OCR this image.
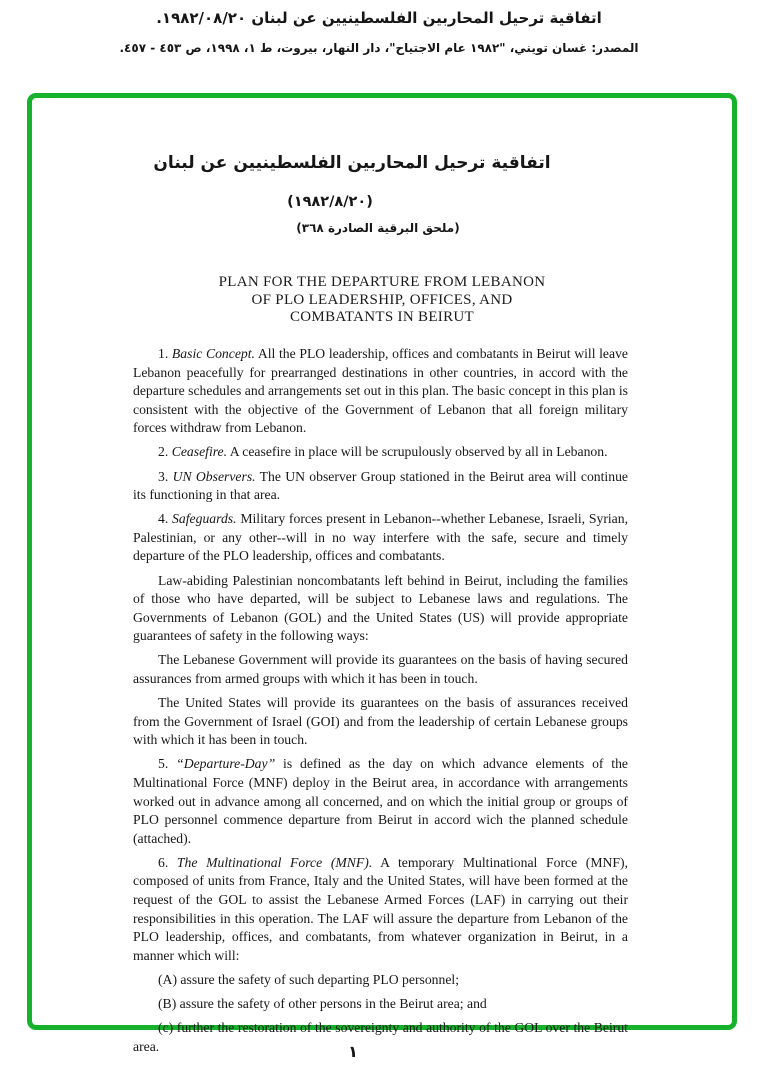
اتفاقية ترحيل المحاربين الفلسطينيين عن لبنان ١٩٨٢/٠٨/٢٠.
المصدر: غسان تويني، "١٩٨٢ عام الاجتياح"، دار النهار، بيروت، ط ١، ١٩٩٨، ص ٤٥٣ - ٤٥٧.
اتفاقية ترحيل المحاربين الفلسطينيين عن لبنان
(١٩٨٢/٨/٢٠)
(ملحق البرقية الصادرة ٣٦٨)
PLAN FOR THE DEPARTURE FROM LEBANON
OF PLO LEADERSHIP, OFFICES, AND
COMBATANTS IN BEIRUT

1. Basic Concept. All the PLO leadership, offices and combatants in Beirut will leave Lebanon peacefully for prearranged destinations in other countries, in accord with the departure schedules and arrangements set out in this plan. The basic concept in this plan is consistent with the objective of the Government of Lebanon that all foreign military forces withdraw from Lebanon.

2. Ceasefire. A ceasefire in place will be scrupulously observed by all in Lebanon.

3. UN Observers. The UN observer Group stationed in the Beirut area will continue its functioning in that area.

4. Safeguards. Military forces present in Lebanon--whether Lebanese, Israeli, Syrian, Palestinian, or any other--will in no way interfere with the safe, secure and timely departure of the PLO leadership, offices and combatants.

Law-abiding Palestinian noncombatants left behind in Beirut, including the families of those who have departed, will be subject to Lebanese laws and regulations. The Governments of Lebanon (GOL) and the United States (US) will provide appropriate guarantees of safety in the following ways:

The Lebanese Government will provide its guarantees on the basis of having secured assurances from armed groups with which it has been in touch.

The United States will provide its guarantees on the basis of assurances received from the Government of Israel (GOI) and from the leadership of certain Lebanese groups with which it has been in touch.

5. “Departure-Day” is defined as the day on which advance elements of the Multinational Force (MNF) deploy in the Beirut area, in accordance with arrangements worked out in advance among all concerned, and on which the initial group or groups of PLO personnel commence departure from Beirut in accord wich the planned schedule (attached).

6. The Multinational Force (MNF). A temporary Multinational Force (MNF), composed of units from France, Italy and the United States, will have been formed at the request of the GOL to assist the Lebanese Armed Forces (LAF) in carrying out their responsibilities in this operation. The LAF will assure the departure from Lebanon of the PLO leadership, offices, and combatants, from whatever organization in Beirut, in a manner which will:

(A) assure the safety of such departing PLO personnel;

(B) assure the safety of other persons in the Beirut area; and

(c) further the restoration of the sovereignty and authority of the GOL over the Beirut area.	١
